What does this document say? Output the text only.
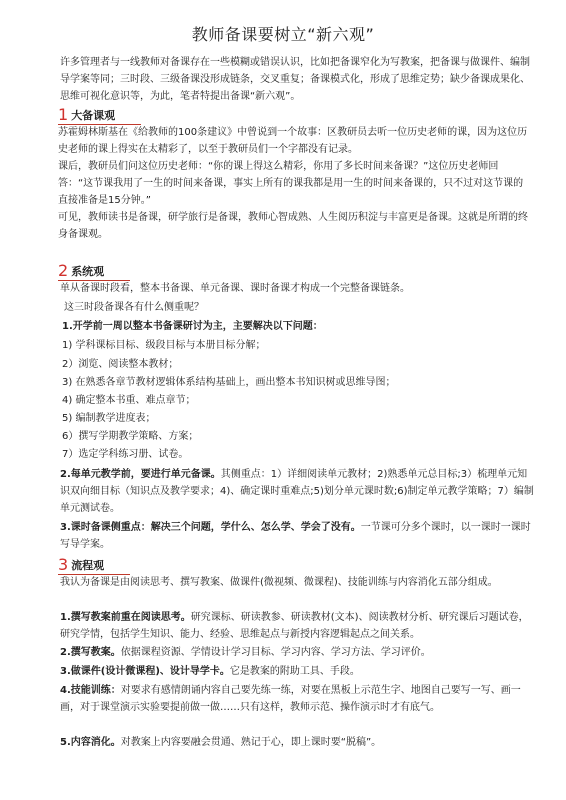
教师备课要树立“新六观”
许多管理者与一线教师对备课存在一些模糊或错误认识，比如把备课窄化为写教案，把备课与做课件、编制导学案等同；三时段、三级备课没形成链条，交叉重复；备课模式化，形成了思维定势；缺少备课成果化、思维可视化意识等，为此，笔者特提出备课“新六观”。
1 大备课观
苏霍姆林斯基在《给教师的100条建议》中曾说到一个故事：区教研员去听一位历史老师的课，因为这位历史老师的课上得实在太精彩了，以至于教研员们一个字都没有记录。
课后，教研员们问这位历史老师：“你的课上得这么精彩，你用了多长时间来备课？”这位历史老师回答：“这节课我用了一生的时间来备课，事实上所有的课我都是用一生的时间来备课的，只不过对这节课的直接准备是15分钟。”
可见，教师读书是备课，研学旅行是备课，教师心智成熟、人生阅历积淀与丰富更是备课。这就是所谓的终身备课观。
2 系统观
单从备课时段看，整本书备课、单元备课、课时备课才构成一个完整备课链条。
这三时段备课各有什么侧重呢？
1.开学前一周以整本书备课研讨为主，主要解决以下问题：
1) 学科课标目标、级段目标与本册目标分解；
2）浏览、阅读整本教材；
3) 在熟悉各章节教材逻辑体系结构基础上，画出整本书知识树或思维导图；
4) 确定整本书重、难点章节；
5) 编制教学进度表；
6）撰写学期教学策略、方案；
7）选定学科练习册、试卷。
2.每单元教学前，要进行单元备课。其侧重点：1）详细阅读单元教材；2)熟悉单元总目标;3）梳理单元知识双向细目标（知识点及教学要求；4)、确定课时重难点;5)划分单元课时数;6)制定单元教学策略；7）编制单元测试卷。
3.课时备课侧重点：解决三个问题，学什么、怎么学、学会了没有。一节课可分多个课时，以一课时一课时写导学案。
3 流程观
我认为备课是由阅读思考、撰写教案、做课件(微视频、微课程)、技能训练与内容消化五部分组成。
1.撰写教案前重在阅读思考。研究课标、研读教参、研读教材(文本)、阅读教材分析、研究课后习题试卷，研究学情，包括学生知识、能力、经验、思维起点与新授内容逻辑起点之间关系。
2.撰写教案。依据课程资源、学情设计学习目标、学习内容、学习方法、学习评价。
3.做课件(设计微课程)、设计导学卡。它是教案的附助工具、手段。
4.技能训练：对要求有感情朗诵内容自己要先练一练，对要在黑板上示范生字、地图自己要写一写、画一画，对于课堂演示实验要提前做一做……只有这样，教师示范、操作演示时才有底气。
5.内容消化。对教案上内容要融会贯通、熟记于心，即上课时要“脱稿”。
